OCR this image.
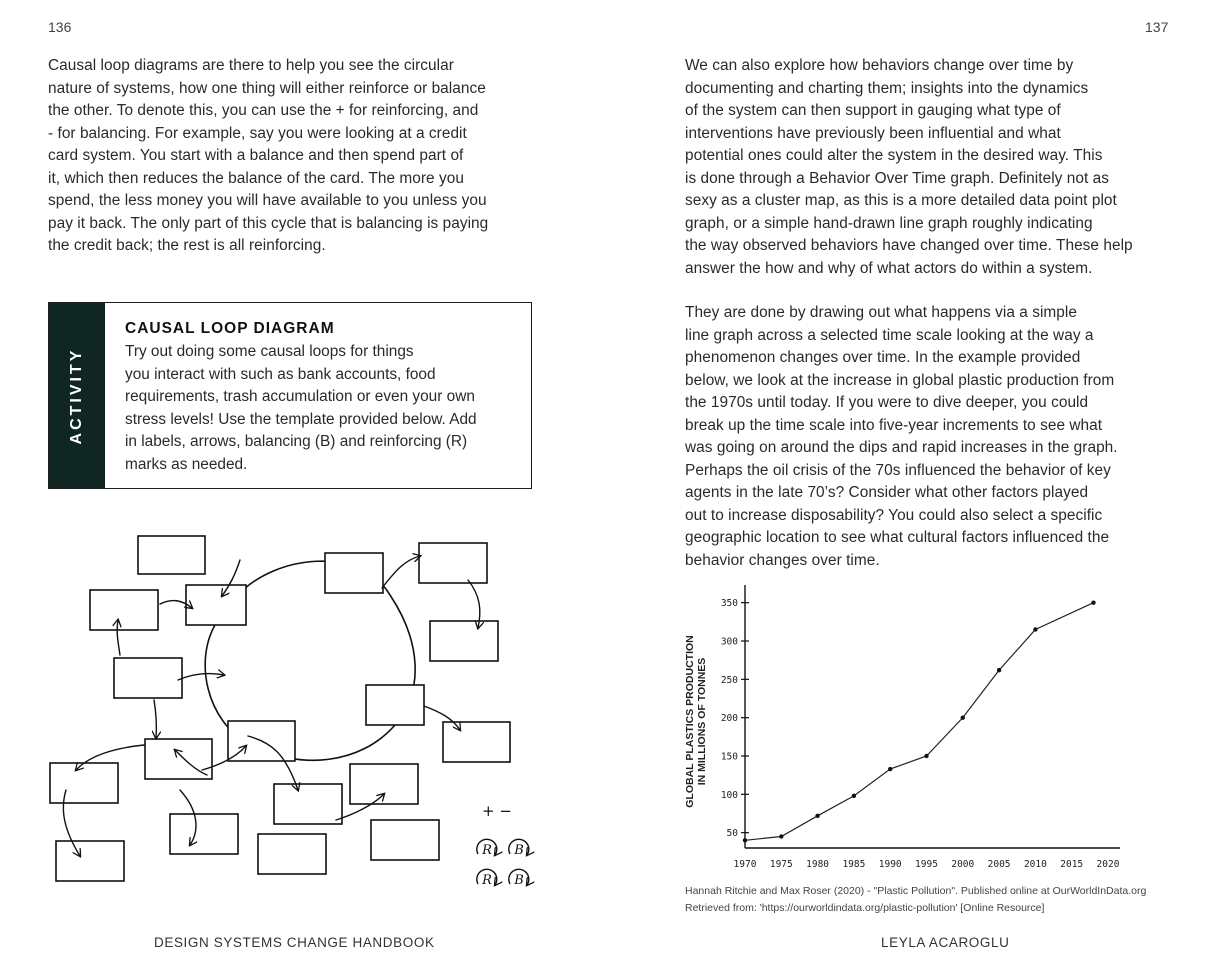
136

Causal loop diagrams are there to help you see the circular
nature of systems, how one thing will either reinforce or balance
the other. To denote this, you can use the + for reinforcing, and
- for balancing. For example, say you were looking at a credit
card system. You start with a balance and then spend part of
it, which then reduces the balance of the card. The more you
spend, the less money you will have available to you unless you
pay it back. The only part of this cycle that is balancing is paying
the credit back; the rest is all reinforcing.

ACTIVITY
CAUSAL LOOP DIAGRAM

Try out doing some causal loops for things
you interact with such as bank accounts, food
requirements, trash accumulation or even your own
stress levels! Use the template provided below. Add
in labels, arrows, balancing (B) and reinforcing (R)
marks as needed.

+ −
R B
R B
DESIGN SYSTEMS CHANGE HANDBOOK
137

We can also explore how behaviors change over time by
documenting and charting them; insights into the dynamics
of the system can then support in gauging what type of
interventions have previously been influential and what
potential ones could alter the system in the desired way. This
is done through a Behavior Over Time graph. Definitely not as
sexy as a cluster map, as this is a more detailed data point plot
graph, or a simple hand-drawn line graph roughly indicating
the way observed behaviors have changed over time. These help
answer the how and why of what actors do within a system.

They are done by drawing out what happens via a simple
line graph across a selected time scale looking at the way a
phenomenon changes over time. In the example provided
below, we look at the increase in global plastic production from
the 1970s until today. If you were to dive deeper, you could
break up the time scale into five-year increments to see what
was going on around the dips and rapid increases in the graph.
Perhaps the oil crisis of the 70s influenced the behavior of key
agents in the late 70’s? Consider what other factors played
out to increase disposability? You could also select a specific
geographic location to see what cultural factors influenced the
behavior changes over time.

GLOBAL PLASTICS PRODUCTION IN MILLIONS OF TONNES
50
100
150
200
250
300
350
1970 1975 1980 1985 1990 1995 2000 2005 2010 2015 2020
Hannah Ritchie and Max Roser (2020) - "Plastic Pollution". Published online at OurWorldInData.org
Retrieved from: 'https://ourworldindata.org/plastic-pollution' [Online Resource]
LEYLA ACAROGLU
